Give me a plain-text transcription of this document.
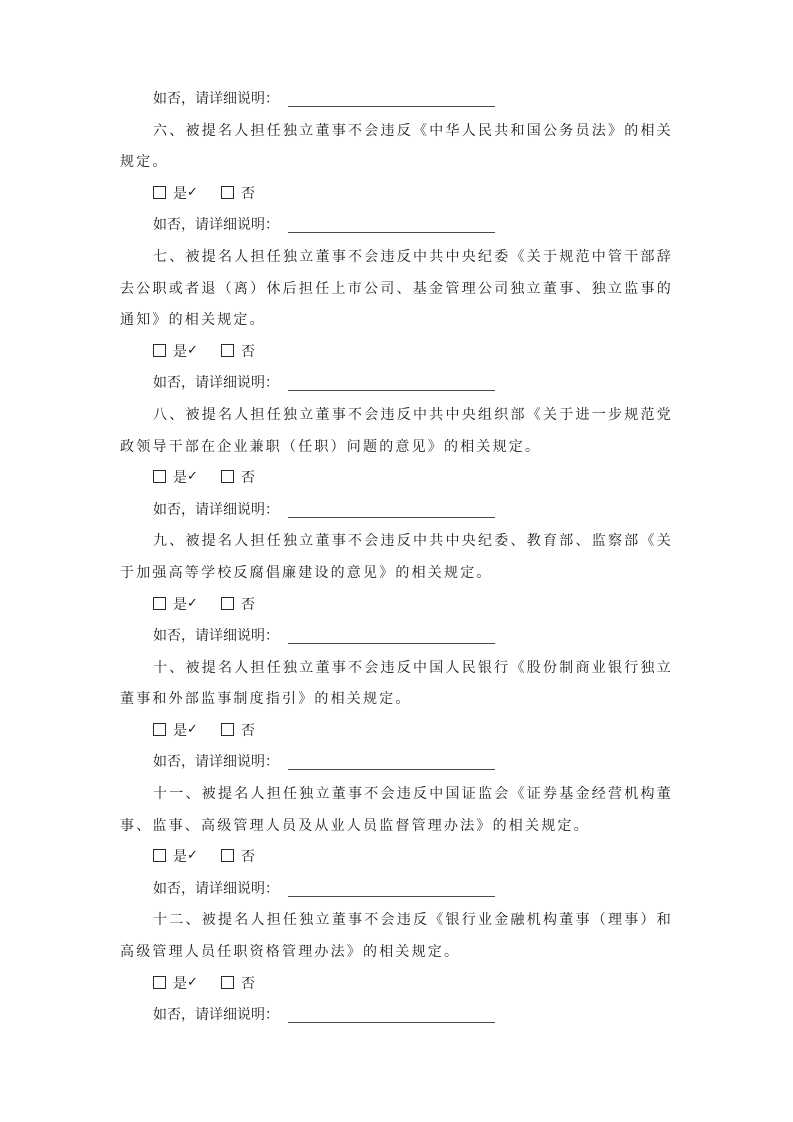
如否，请详细说明：

六、被提名人担任独立董事不会违反《中华人民共和国公务员法》的相关规定。

✓否
如否，请详细说明：

七、被提名人担任独立董事不会违反中共中央纪委《关于规范中管干部辞去公职或者退（离）休后担任上市公司、基金管理公司独立董事、独立监事的通知》的相关规定。

✓否
如否，请详细说明：

八、被提名人担任独立董事不会违反中共中央组织部《关于进一步规范党政领导干部在企业兼职（任职）问题的意见》的相关规定。

✓否
如否，请详细说明：

九、被提名人担任独立董事不会违反中共中央纪委、教育部、监察部《关于加强高等学校反腐倡廉建设的意见》的相关规定。

✓否
如否，请详细说明：

十、被提名人担任独立董事不会违反中国人民银行《股份制商业银行独立董事和外部监事制度指引》的相关规定。

✓否
如否，请详细说明：

十一、被提名人担任独立董事不会违反中国证监会《证券基金经营机构董事、监事、高级管理人员及从业人员监督管理办法》的相关规定。

✓否
如否，请详细说明：

十二、被提名人担任独立董事不会违反《银行业金融机构董事（理事）和高级管理人员任职资格管理办法》的相关规定。

✓否
如否，请详细说明：
